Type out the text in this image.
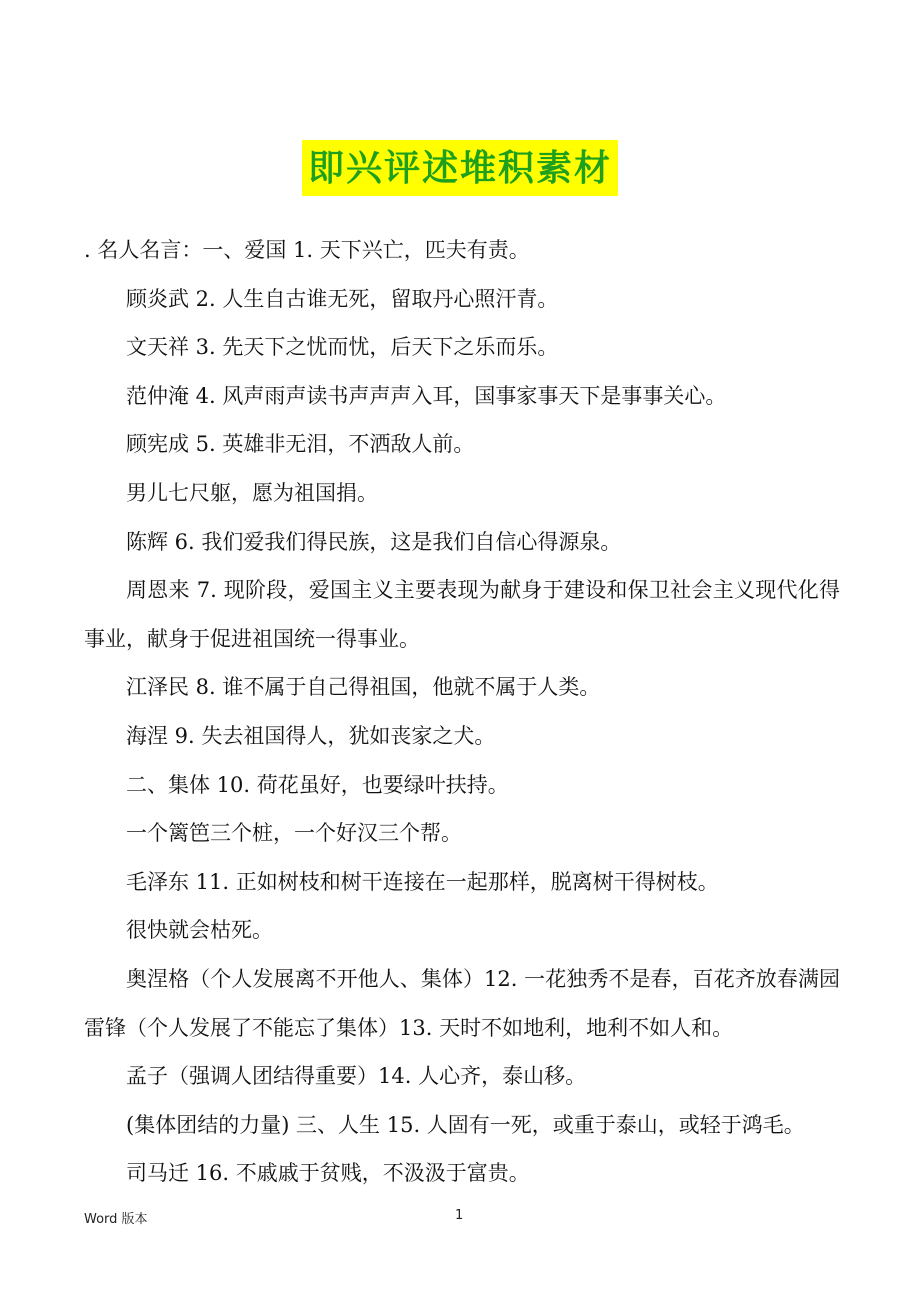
即兴评述堆积素材

. 名人名言：一、爱国 1. 天下兴亡，匹夫有责。

顾炎武 2. 人生自古谁无死，留取丹心照汗青。

文天祥 3. 先天下之忧而忧，后天下之乐而乐。

范仲淹 4. 风声雨声读书声声声入耳，国事家事天下是事事关心。

顾宪成 5. 英雄非无泪，不洒敌人前。

男儿七尺躯，愿为祖国捐。

陈辉 6. 我们爱我们得民族，这是我们自信心得源泉。

周恩来 7. 现阶段，爱国主义主要表现为献身于建设和保卫社会主义现代化得事业，献身于促进祖国统一得事业。

江泽民 8. 谁不属于自己得祖国，他就不属于人类。

海涅 9. 失去祖国得人，犹如丧家之犬。

二、集体 10. 荷花虽好，也要绿叶扶持。

一个篱笆三个桩，一个好汉三个帮。

毛泽东 11. 正如树枝和树干连接在一起那样，脱离树干得树枝。

很快就会枯死。

奥涅格（个人发展离不开他人、集体）12. 一花独秀不是春，百花齐放春满园雷锋（个人发展了不能忘了集体）13. 天时不如地利，地利不如人和。

孟子（强调人团结得重要）14. 人心齐，泰山移。

(集体团结的力量) 三、人生 15. 人固有一死，或重于泰山，或轻于鸿毛。

司马迁 16. 不戚戚于贫贱，不汲汲于富贵。

Word 版本	1
